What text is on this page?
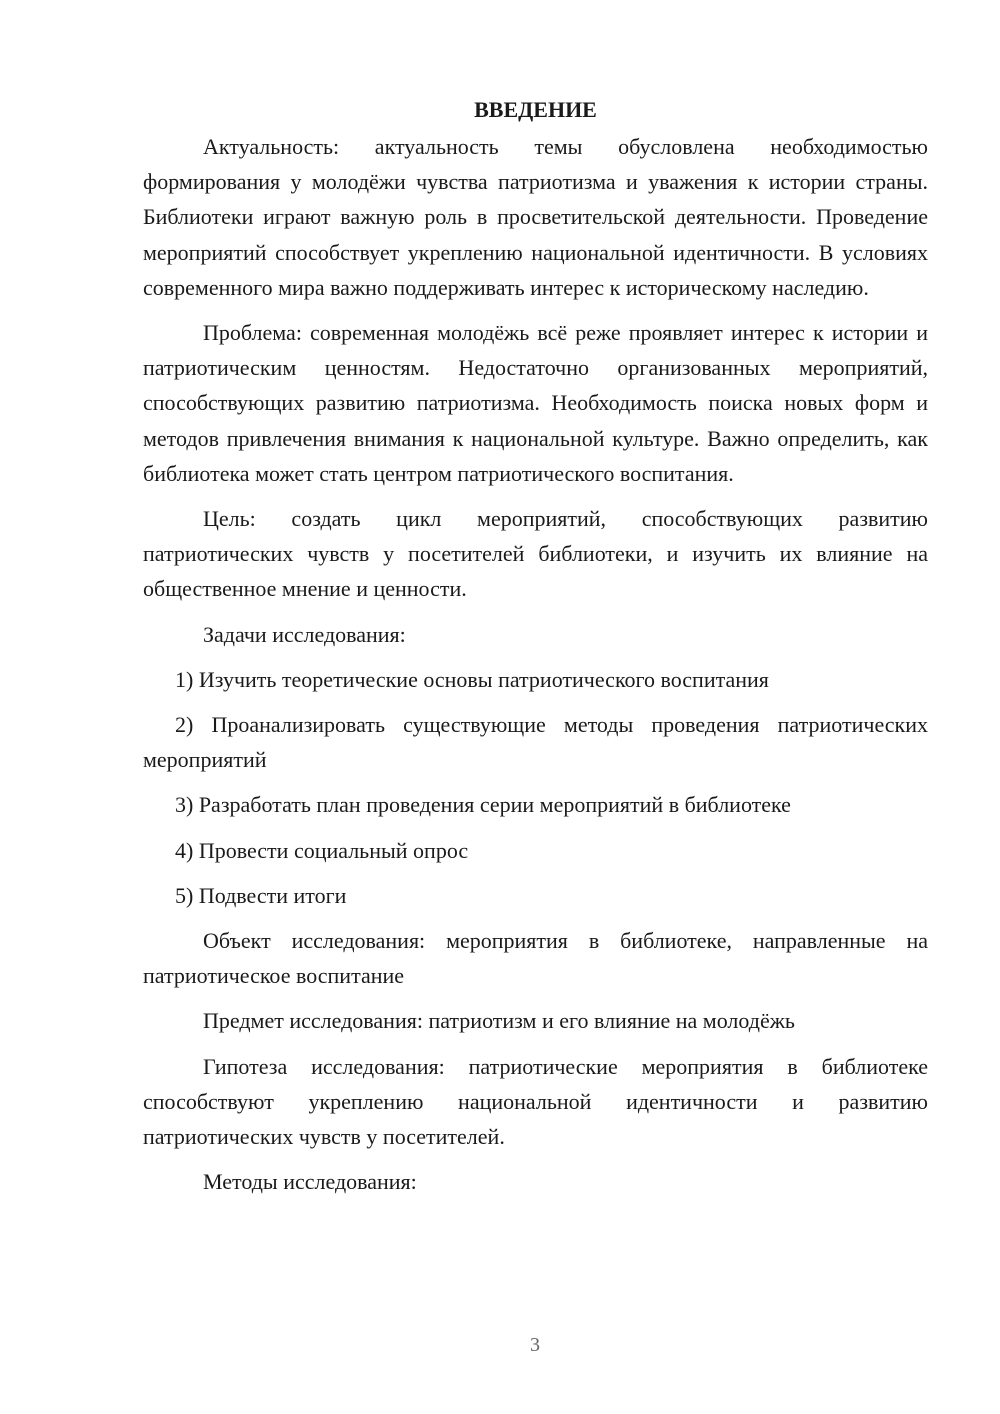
ВВЕДЕНИЕ

Актуальность: актуальность темы обусловлена необходимостью формирования у молодёжи чувства патриотизма и уважения к истории страны. Библиотеки играют важную роль в просветительской деятельности. Проведение мероприятий способствует укреплению национальной идентичности. В условиях современного мира важно поддерживать интерес к историческому наследию.

Проблема: современная молодёжь всё реже проявляет интерес к истории и патриотическим ценностям. Недостаточно организованных мероприятий, способствующих развитию патриотизма. Необходимость поиска новых форм и методов привлечения внимания к национальной культуре. Важно определить, как библиотека может стать центром патриотического воспитания.

Цель: создать цикл мероприятий, способствующих развитию патриотических чувств у посетителей библиотеки, и изучить их влияние на общественное мнение и ценности.

Задачи исследования:

1) Изучить теоретические основы патриотического воспитания

2) Проанализировать существующие методы проведения патриотических мероприятий

3) Разработать план проведения серии мероприятий в библиотеке

4) Провести социальный опрос

5) Подвести итоги

Объект исследования: мероприятия в библиотеке, направленные на патриотическое воспитание

Предмет исследования: патриотизм и его влияние на молодёжь

Гипотеза исследования: патриотические мероприятия в библиотеке способствуют укреплению национальной идентичности и развитию патриотических чувств у посетителей.

Методы исследования:

3
